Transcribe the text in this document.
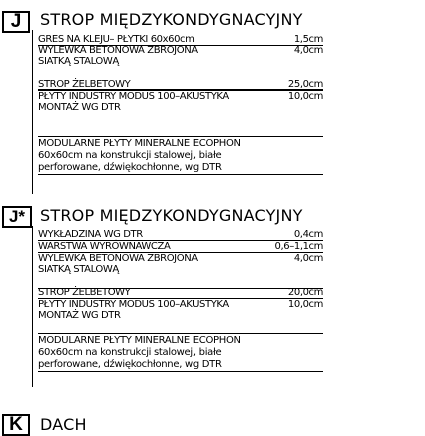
J	STROP MIĘDZYKONDYGNACYJNY
GRES NA KLEJU– PŁYTKI 60x60cm	1,5cm
WYLEWKA BETONOWA ZBROJONA	4,0cm
SIATKĄ STALOWĄ
STROP ŻELBETOWY	25,0cm
PŁYTY INDUSTRY MODUS 100–AKUSTYKA	10,0cm
MONTAŻ WG DTR
MODULARNE PŁYTY MINERALNE ECOPHON
60x60cm na konstrukcji stalowej, białe
perforowane, dźwiękochłonne, wg DTR
J* STROP MIĘDZYKONDYGNACYJNY
WYKŁADZINA WG DTR	0,4cm
WARSTWA WYRÓWNAWCZA	0,6–1,1cm
WYLEWKA BETONOWA ZBROJONA	4,0cm
SIATKĄ STALOWĄ
STROP ŻELBETOWY	20,0cm
PŁYTY INDUSTRY MODUS 100–AKUSTYKA	10,0cm
MONTAŻ WG DTR
MODULARNE PŁYTY MINERALNE ECOPHON
60x60cm na konstrukcji stalowej, białe
perforowane, dźwiękochłonne, wg DTR
K	DACH
